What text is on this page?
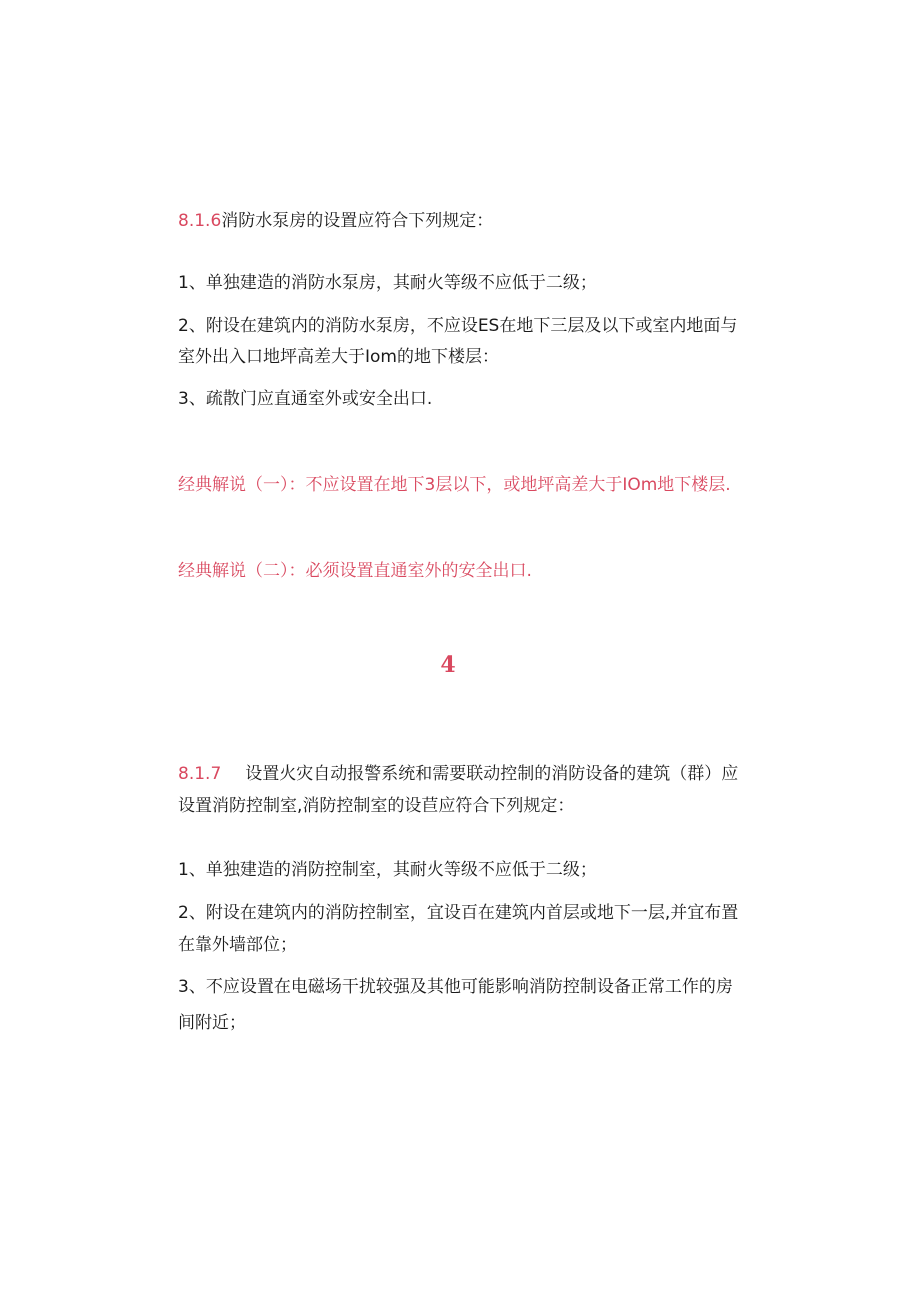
8.1.6消防水泵房的设置应符合下列规定：

1、单独建造的消防水泵房，其耐火等级不应低于二级；

2、附设在建筑内的消防水泵房，不应设ES在地下三层及以下或室内地面与

室外出入口地坪高差大于Iom的地下楼层：

3、疏散门应直通室外或安全出口.

经典解说（一）：不应设置在地下3层以下，或地坪高差大于IOm地下楼层.

经典解说（二）：必须设置直通室外的安全出口.

4

8.1.7 设置火灾自动报警系统和需要联动控制的消防设备的建筑（群）应

设置消防控制室,消防控制室的设苣应符合下列规定：

1、单独建造的消防控制室，其耐火等级不应低于二级；

2、附设在建筑内的消防控制室，宜设百在建筑内首层或地下一层,并宜布置

在靠外墙部位；

3、不应设置在电磁场干扰较强及其他可能影响消防控制设备正常工作的房

间附近；
